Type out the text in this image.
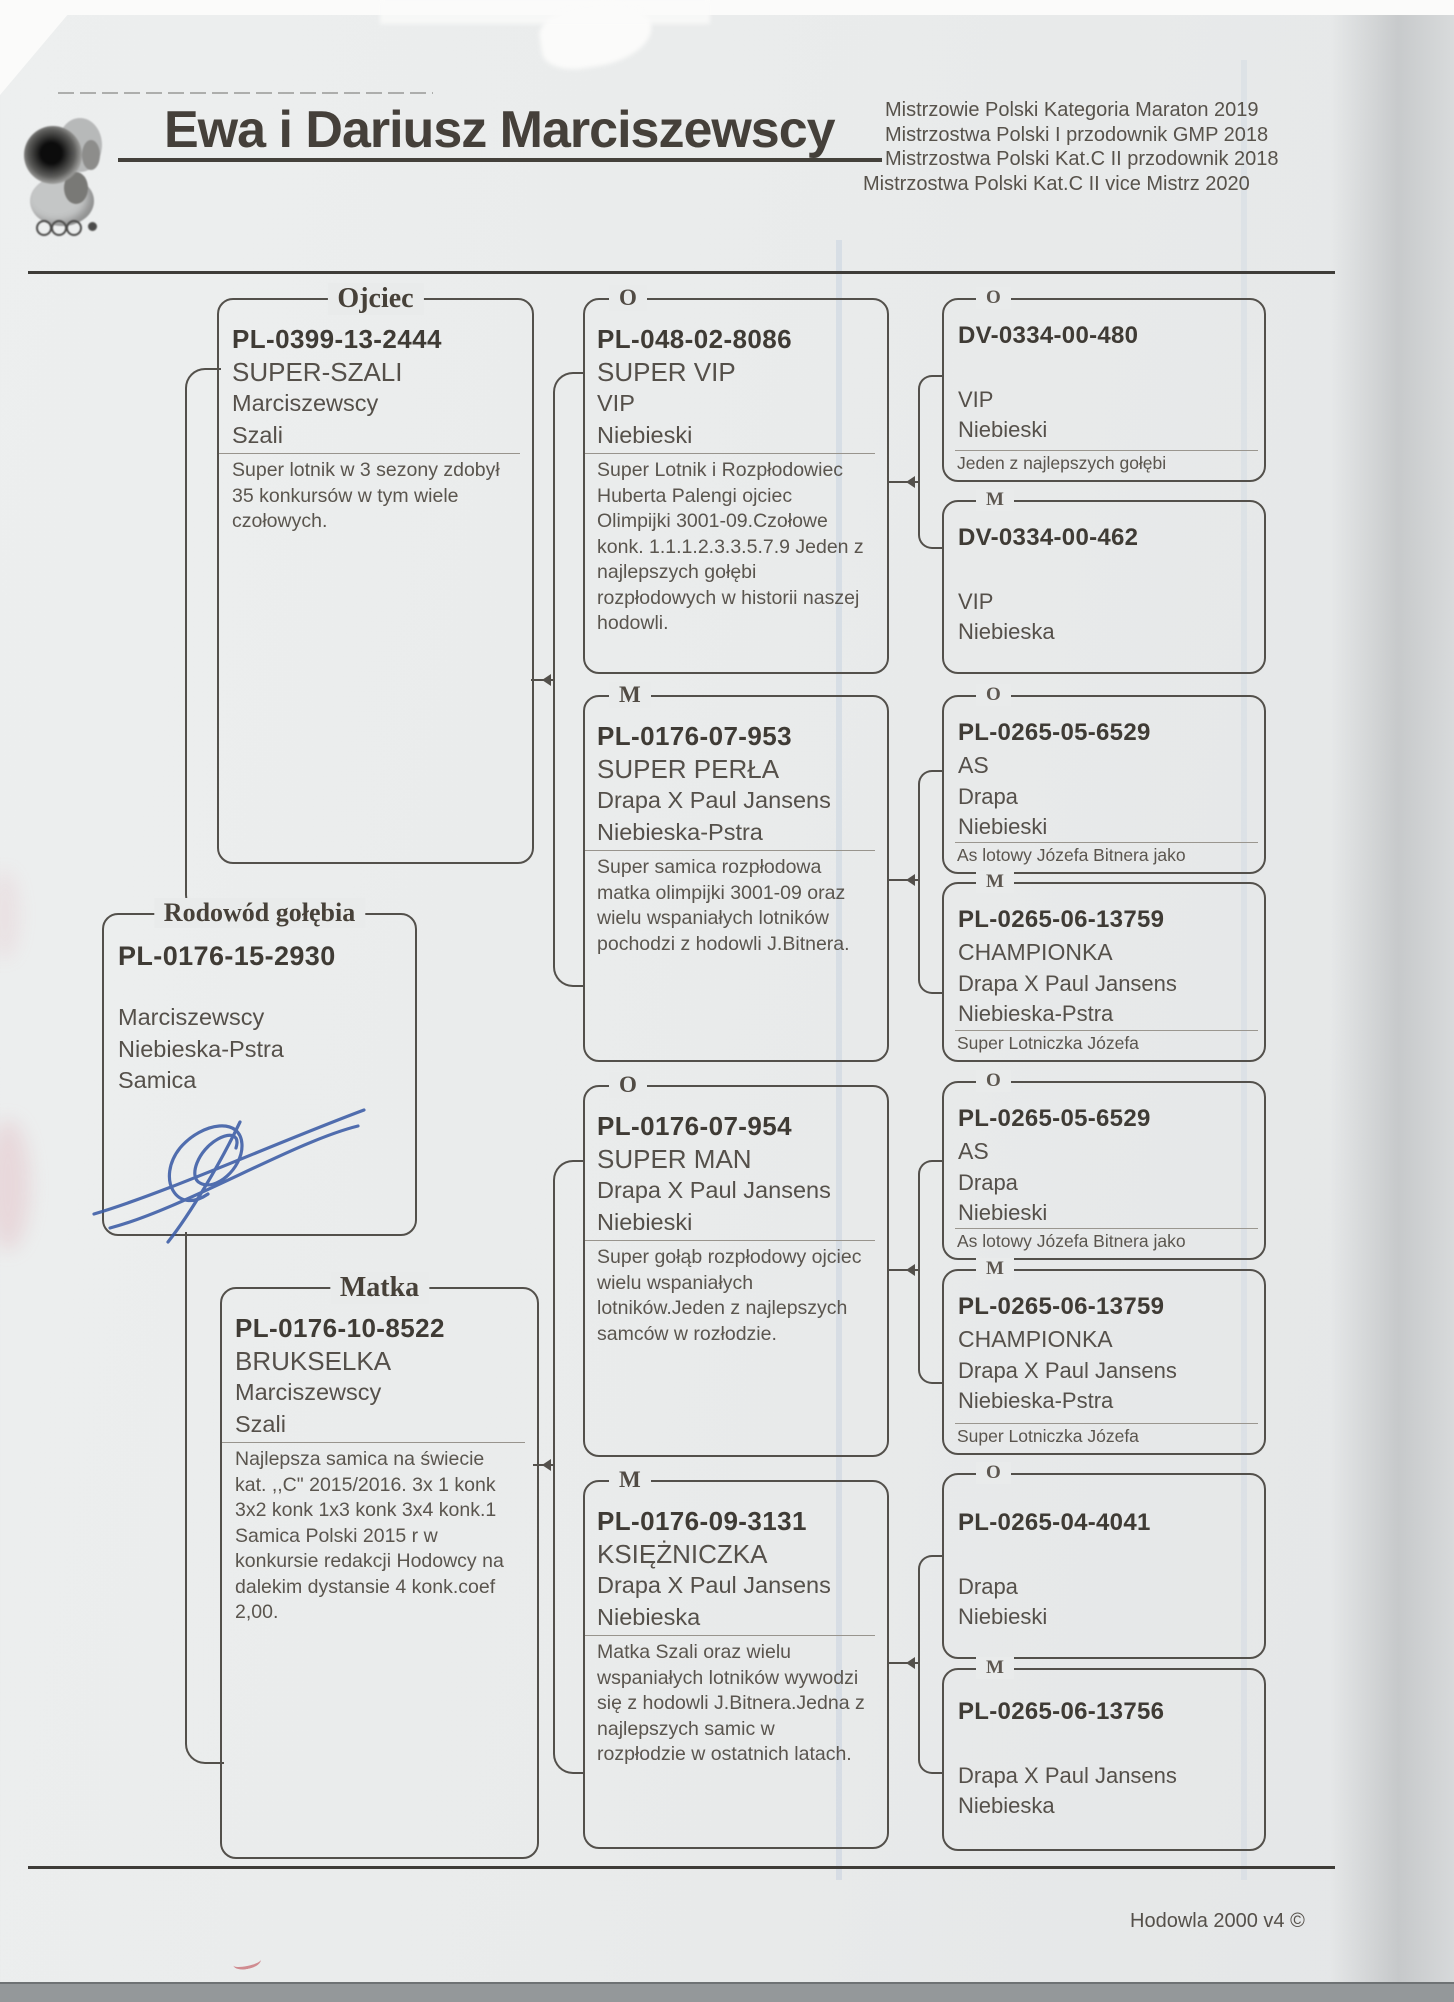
Ewa i Dariusz Marciszewscy	Mistrzowie Polski Kategoria Maraton 2019
Mistrzostwa Polski I przodownik GMP 2018
Mistrzostwa Polski Kat.C II przodownik 2018
Mistrzostwa Polski Kat.C II vice Mistrz 2020
Rodowód gołębia
PL-0176-15-2930
Marciszewscy
Niebieska-Pstra
Samica
Ojciec
PL-0399-13-2444
SUPER-SZALI
Marciszewscy
Szali
Super lotnik w 3 sezony zdobył 35 konkursów w tym wiele czołowych.
Matka
PL-0176-10-8522
BRUKSELKA
Marciszewscy
Szali
Najlepsza samica na świecie kat. ,,C" 2015/2016. 3x 1 konk 3x2 konk 1x3 konk 3x4 konk.1 Samica Polski 2015 r w konkursie redakcji Hodowcy na dalekim dystansie 4 konk.coef 2,00.
O
PL-048-02-8086
SUPER VIP
VIP
Niebieski
Super Lotnik i Rozpłodowiec Huberta Palengi ojciec Olimpijki 3001-09.Czołowe konk. 1.1.1.2.3.3.5.7.9 Jeden z najlepszych gołębi rozpłodowych w historii naszej hodowli.
M
PL-0176-07-953
SUPER PERŁA
Drapa X Paul Jansens
Niebieska-Pstra
Super samica rozpłodowa matka olimpijki 3001-09 oraz wielu wspaniałych lotników pochodzi z hodowli J.Bitnera.
O
PL-0176-07-954
SUPER MAN
Drapa X Paul Jansens
Niebieski
Super gołąb rozpłodowy ojciec wielu wspaniałych lotników.Jeden z najlepszych samców w rozłodzie.
M
PL-0176-09-3131
KSIĘŻNICZKA
Drapa X Paul Jansens
Niebieska
Matka Szali oraz wielu wspaniałych lotników wywodzi się z hodowli J.Bitnera.Jedna z najlepszych samic w rozpłodzie w ostatnich latach.
O
DV-0334-00-480
VIP
Niebieski
Jeden z najlepszych gołębi
M
DV-0334-00-462
VIP
Niebieska
O
PL-0265-05-6529
AS
Drapa
Niebieski
As lotowy Józefa Bitnera jako
M
PL-0265-06-13759
CHAMPIONKA
Drapa X Paul Jansens
Niebieska-Pstra
Super Lotniczka Józefa
O
PL-0265-05-6529
AS
Drapa
Niebieski
As lotowy Józefa Bitnera jako
M
PL-0265-06-13759
CHAMPIONKA
Drapa X Paul Jansens
Niebieska-Pstra
Super Lotniczka Józefa
O
PL-0265-04-4041
Drapa
Niebieski
M
PL-0265-06-13756
Drapa X Paul Jansens
Niebieska
Hodowla 2000 v4 ©
